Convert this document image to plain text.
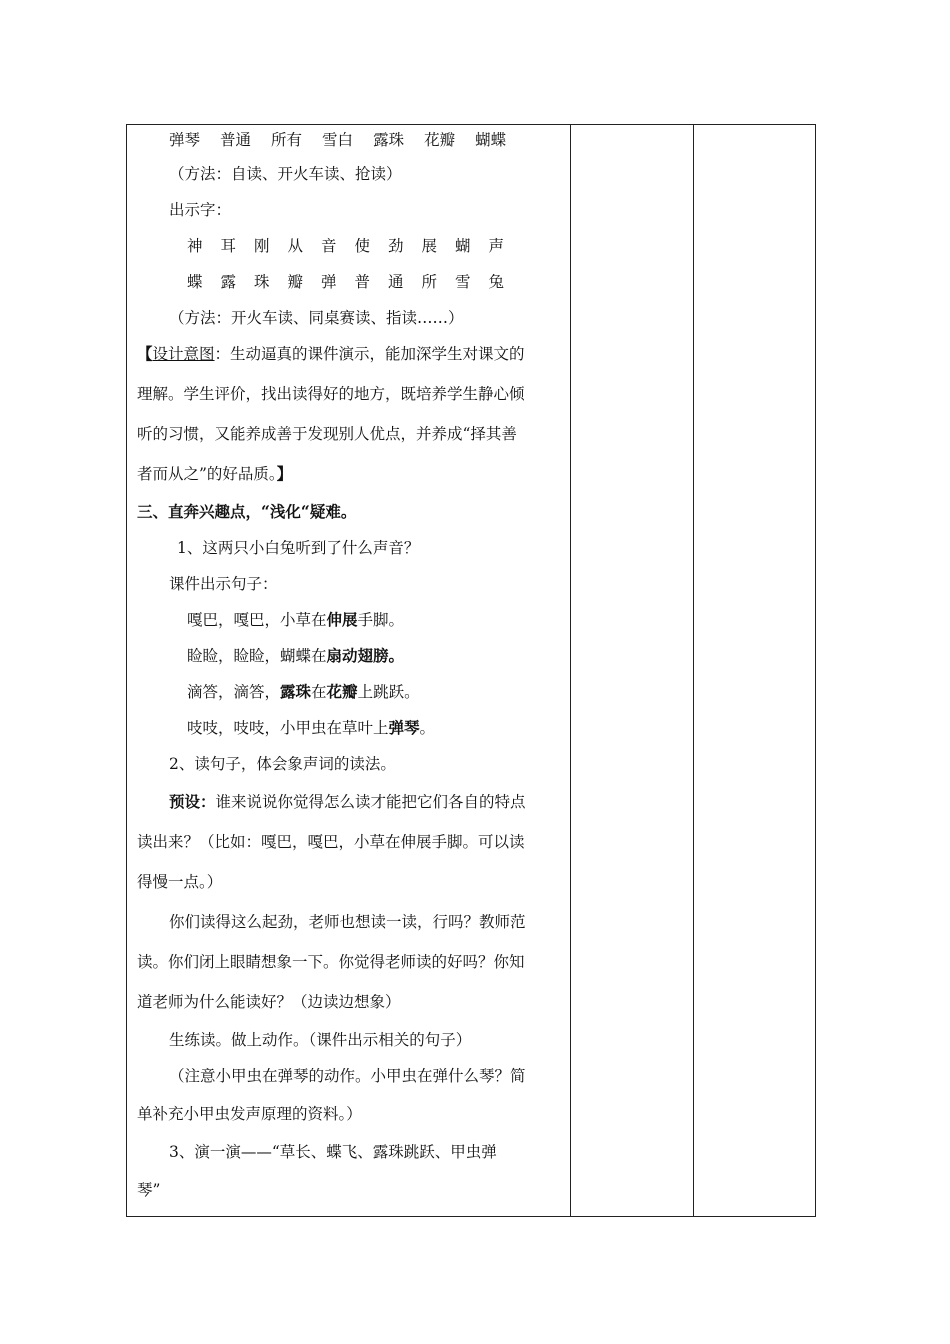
弹琴 普通 所有 雪白 露珠 花瓣 蝴蝶
（方法：自读、开火车读、抢读）
出示字：
神 耳 刚 从 音 使 劲 展 蝴 声
蝶 露 珠 瓣 弹 普 通 所 雪 兔
（方法：开火车读、同桌赛读、指读……）
【设计意图：生动逼真的课件演示，能加深学生对课文的
理解。学生评价，找出读得好的地方，既培养学生静心倾
听的习惯，又能养成善于发现别人优点，并养成“择其善
者而从之”的好品质。】
三、直奔兴趣点，“浅化“疑难。
1、这两只小白兔听到了什么声音？
课件出示句子：
嘎巴，嘎巴，小草在伸展手脚。
睑睑，睑睑，蝴蝶在扇动翅膀。
滴答，滴答，露珠在花瓣上跳跃。
吱吱，吱吱，小甲虫在草叶上弹琴。
2、读句子，体会象声词的读法。
预设：谁来说说你觉得怎么读才能把它们各自的特点
读出来？（比如：嘎巴，嘎巴，小草在伸展手脚。可以读
得慢一点。）
你们读得这么起劲，老师也想读一读，行吗？教师范
读。你们闭上眼睛想象一下。你觉得老师读的好吗？你知
道老师为什么能读好？（边读边想象）
生练读。做上动作。（课件出示相关的句子）
（注意小甲虫在弹琴的动作。小甲虫在弹什么琴？简
单补充小甲虫发声原理的资料。）
3、演一演——“草长、蝶飞、露珠跳跃、甲虫弹
琴”
